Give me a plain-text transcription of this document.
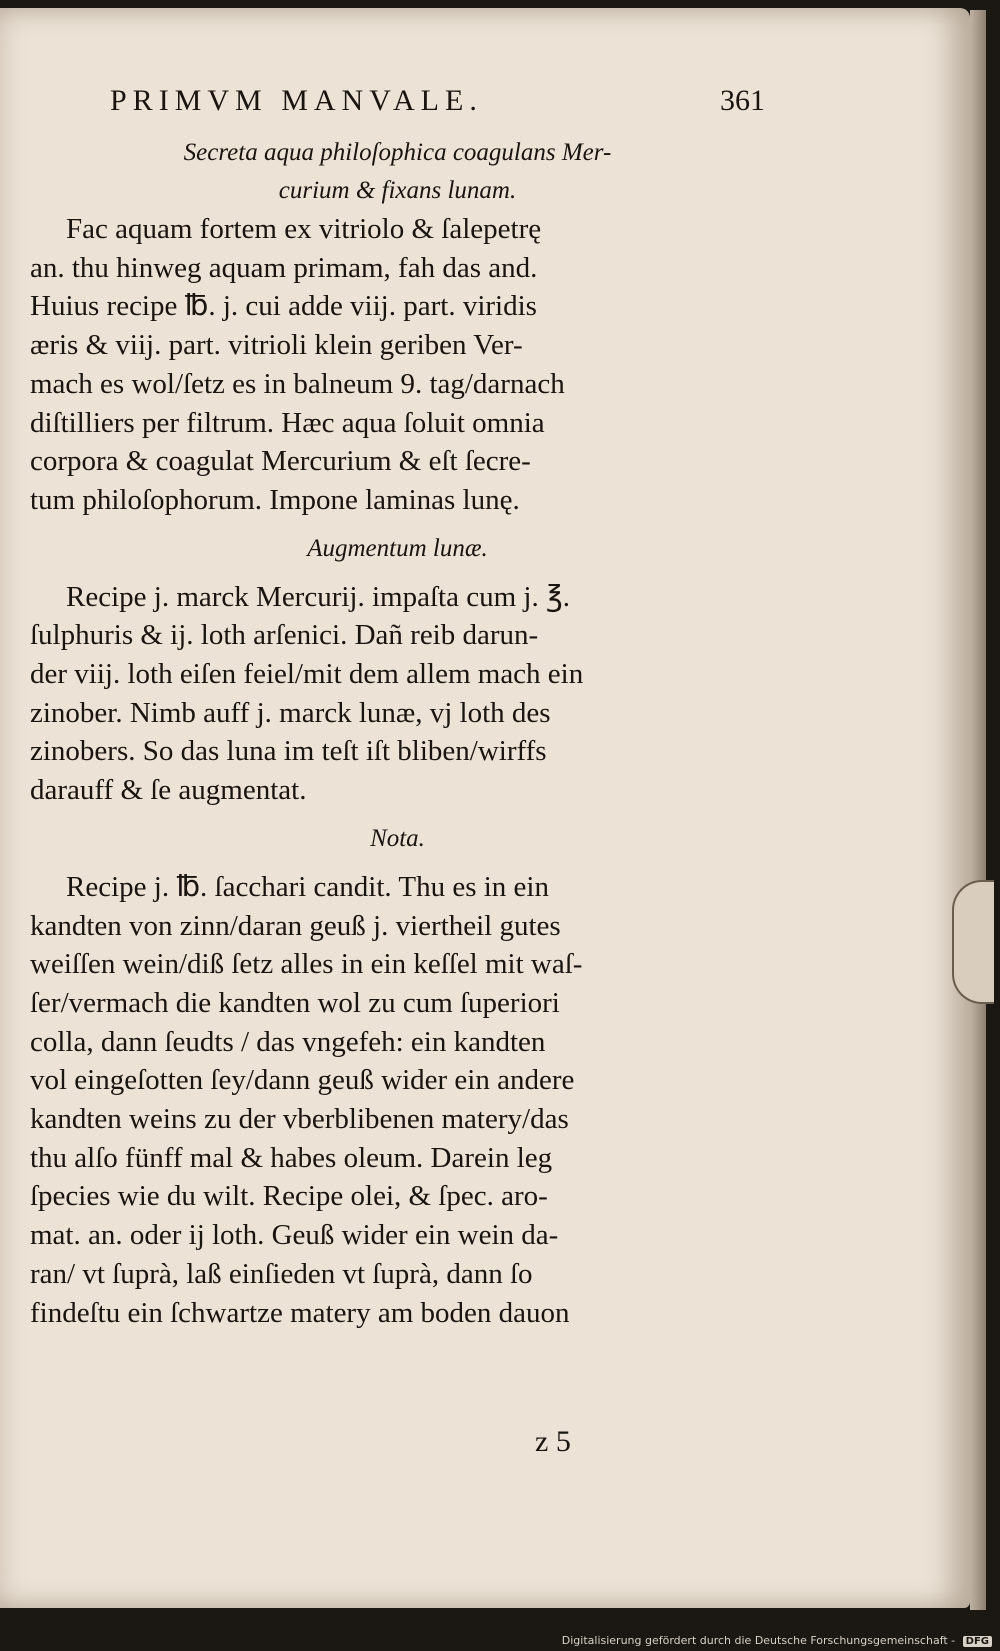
PRIMVM MANVALE.	361

Secreta aqua philoſophica coagulans Mer-
curium & fixans lunam.

Fac aquam fortem ex vitriolo & ſalepetrę
an. thu hinweg aquam primam, fah das and.
Huius recipe ℔. j. cui adde viij. part. viridis
æris & viij. part. vitrioli klein geriben Ver-
mach es wol/ſetz es in balneum 9. tag/darnach
diſtilliers per filtrum. Hæc aqua ſoluit omnia
corpora & coagulat Mercurium & eſt ſecre-
tum philoſophorum. Impone laminas lunę.

Augmentum lunæ.

Recipe j. marck Mercurij. impaſta cum j. ℥.
ſulphuris & ij. loth arſenici. Dañ reib darun-
der viij. loth eiſen feiel/mit dem allem mach ein
zinober. Nimb auff j. marck lunæ, vj loth des
zinobers. So das luna im teſt iſt bliben/wirffs
darauff & ſe augmentat.

Nota.

Recipe j. ℔. ſacchari candit. Thu es in ein
kandten von zinn/daran geuß j. viertheil gutes
weiſſen wein/diß ſetz alles in ein keſſel mit waſ-
ſer/vermach die kandten wol zu cum ſuperiori
colla, dann ſeudts / das vngefeh: ein kandten
vol eingeſotten ſey/dann geuß wider ein andere
kandten weins zu der vberblibenen matery/das
thu alſo fünff mal & habes oleum. Darein leg
ſpecies wie du wilt. Recipe olei, & ſpec. aro-
mat. an. oder ij loth. Geuß wider ein wein da-
ran/ vt ſuprà, laß einſieden vt ſuprà, dann ſo
findeſtu ein ſchwartze matery am boden dauon

z 5
Digitalisierung gefördert durch die Deutsche Forschungsgemeinschaft - DFG
